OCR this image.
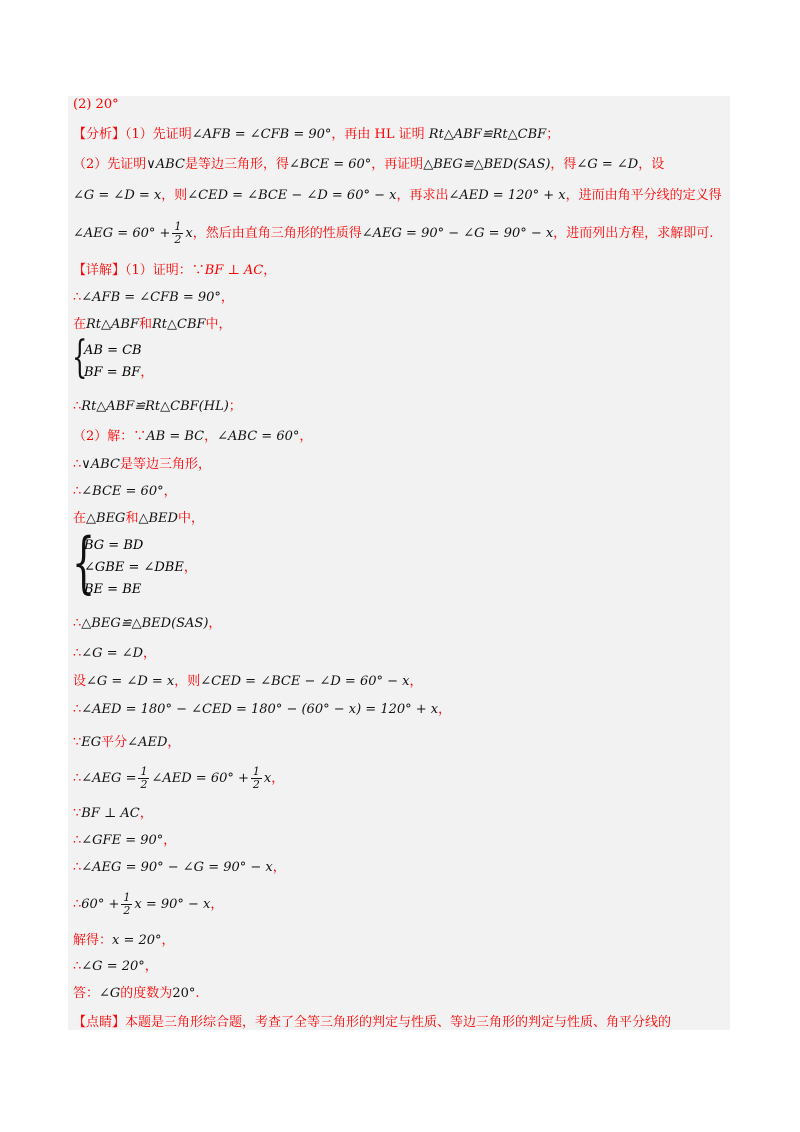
(2) 20°
【分析】（1）先证明∠AFB = ∠CFB = 90°，再由 HL 证明 Rt△ABF≌Rt△CBF；
（2）先证明∨ABC是等边三角形，得∠BCE = 60°，再证明△BEG≌△BED(SAS)，得∠G = ∠D，设
∠G = ∠D = x，则∠CED = ∠BCE − ∠D = 60° − x，再求出∠AED = 120° + x，进而由角平分线的定义得
∠AEG = $60^\circ + \frac{1}{2}$ x，然后由直角三角形的性质得∠AEG = 90° − ∠G = 90° − x，进而列出方程，求解即可.
【详解】（1）证明：∵BF ⊥ AC，
∴∠AFB = ∠CFB = 90°，
在Rt△ABF和Rt△CBF中，
{
AB = CB
BF = BF，
∴Rt△ABF≌Rt△CBF(HL)；
（2）解：∵AB = BC，∠ABC = 60°，
∴∨ABC是等边三角形，
∴∠BCE = 60°，
在△BEG和△BED中，
{
BG = BD
∠GBE = ∠DBE，
BE = BE
∴△BEG≌△BED(SAS)，
∴∠G = ∠D，
设∠G = ∠D = x，则∠CED = ∠BCE − ∠D = 60° − x，
∴∠AED = 180° − ∠CED = 180° − (60° − x) = 120° + x，
∵EG平分∠AED，
∴∠AEG = $\frac{1}{2}$ ∠AED = $60^\circ + \frac{1}{2}$ x，
∵BF ⊥ AC，
∴∠GFE = 90°，
∴∠AEG = 90° − ∠G = 90° − x，
∴60° + $\frac{1}{2}$ x = 90° − x，
解得：x = 20°，
∴∠G = 20°，
答：∠G的度数为20°.
【点睛】本题是三角形综合题，考查了全等三角形的判定与性质、等边三角形的判定与性质、角平分线的
